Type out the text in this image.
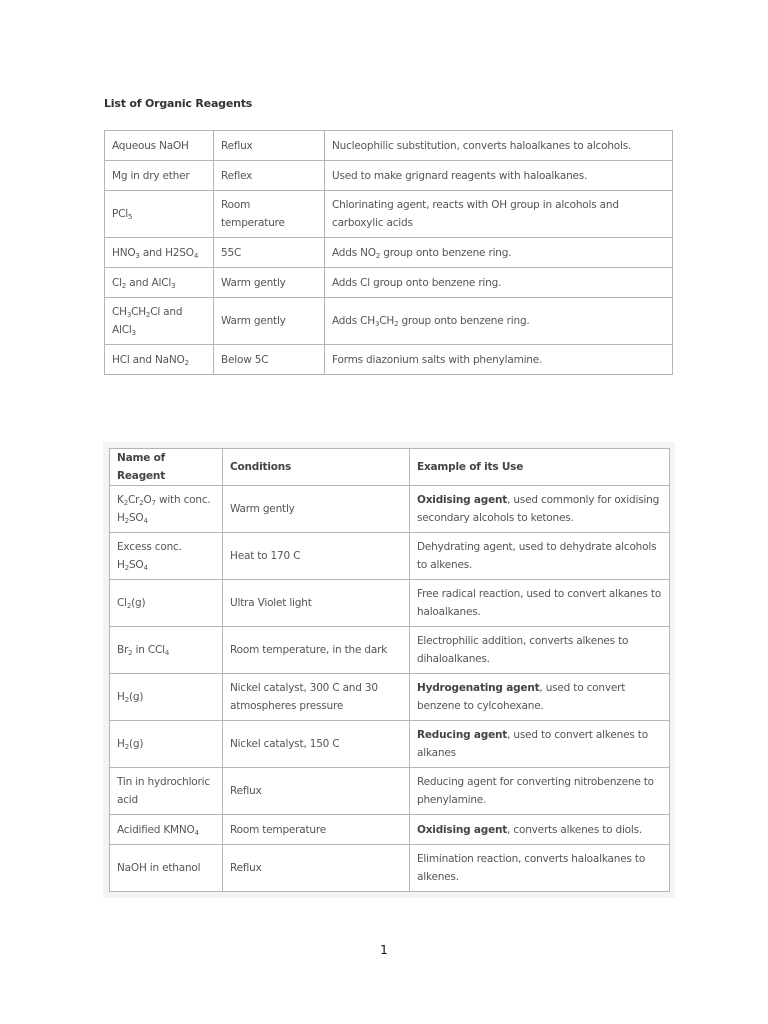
List of Organic Reagents
Aqueous NaOH	Reflux	Nucleophilic substitution, converts haloalkanes to alcohols.
Mg in dry ether	Reflex	Used to make grignard reagents with haloalkanes.
PCl$_5$	Room temperature	Chlorinating agent, reacts with OH group in alcohols and carboxylic acids
$HNO_3$ and $H2SO_4$	55C	Adds $NO_2$ group onto benzene ring.
$Cl_2$ and AlCl$_3$	Warm gently	Adds Cl group onto benzene ring.
$CH_3CH_2Cl$ and AlCl$_3$	Warm gently	Adds $CH_3CH_2$ group onto benzene ring.
HCl and NaNO$_2$	Below 5C	Forms diazonium salts with phenylamine.
Name of Reagent	Conditions	Example of its Use
$K_2Cr_2O_7$ with conc. $H_2SO_4$	Warm gently	Oxidising agent, used commonly for oxidising secondary alcohols to ketones.
Excess conc. $H_2SO_4$	Heat to 170 C	Dehydrating agent, used to dehydrate alcohols to alkenes.
$Cl_2(g)$	Ultra Violet light	Free radical reaction, used to convert alkanes to haloalkanes.
$Br_2$ in CCl$_4$	Room temperature, in the dark	Electrophilic addition, converts alkenes to dihaloalkanes.
$H_2(g)$	Nickel catalyst, 300 C and 30 atmospheres pressure	Hydrogenating agent, used to convert benzene to cylcohexane.
$H_2(g)$	Nickel catalyst, 150 C	Reducing agent, used to convert alkenes to alkanes
Tin in hydrochloric acid	Reflux	Reducing agent for converting nitrobenzene to phenylamine.
Acidified $KMNO_4$	Room temperature	Oxidising agent, converts alkenes to diols.
NaOH in ethanol	Reflux	Elimination reaction, converts haloalkanes to alkenes.
1
